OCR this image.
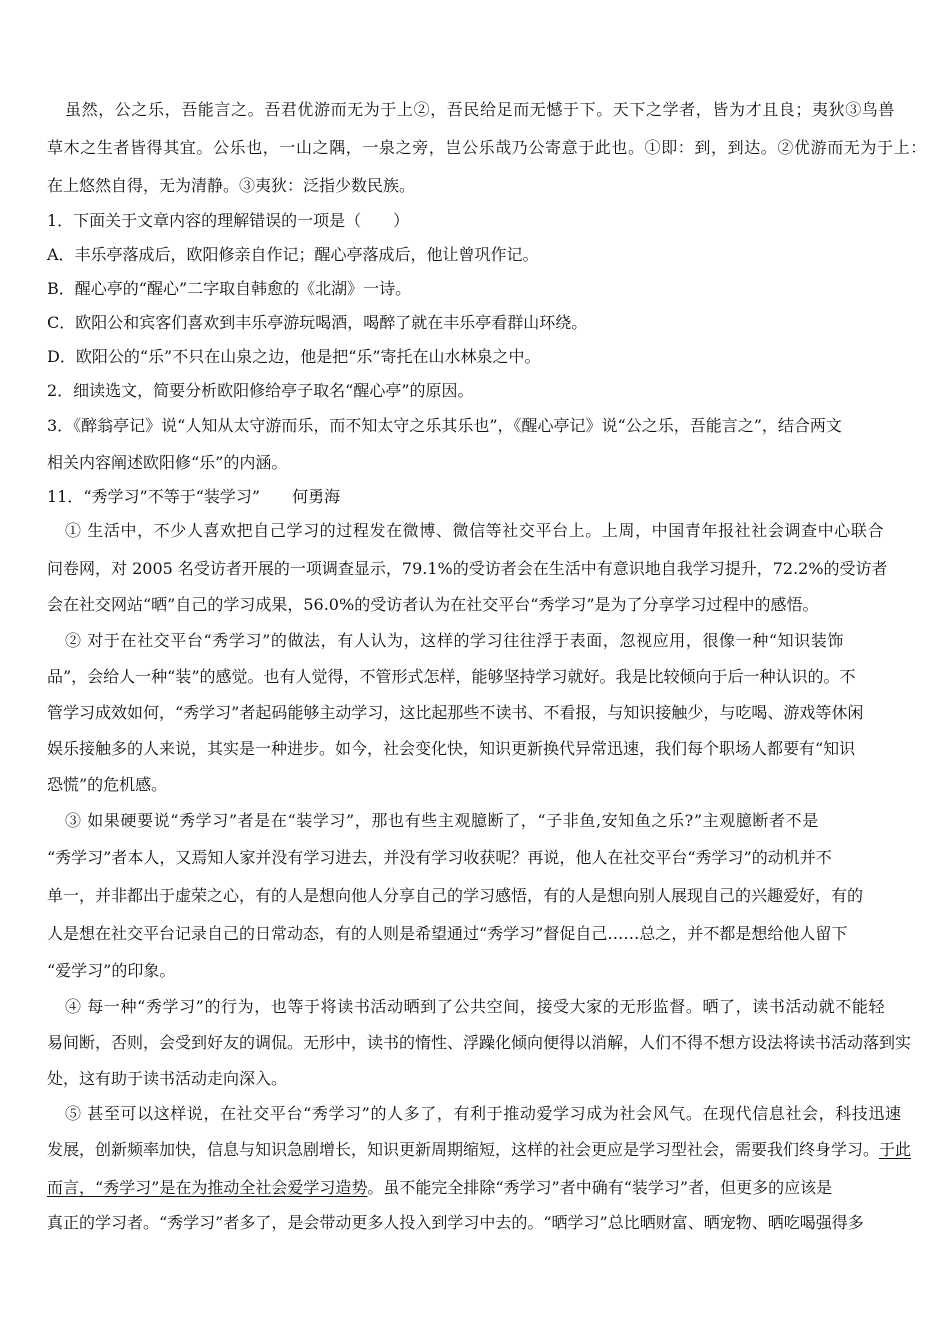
虽然，公之乐，吾能言之。吾君优游而无为于上②，吾民给足而无憾于下。天下之学者，皆为才且良；夷狄③鸟兽
草木之生者皆得其宜。公乐也，一山之隅，一泉之旁，岂公乐哉乃公寄意于此也。①即：到，到达。②优游而无为于上：
在上悠然自得，无为清静。③夷狄：泛指少数民族。
1．下面关于文章内容的理解错误的一项是（　　）
A．丰乐亭落成后，欧阳修亲自作记；醒心亭落成后，他让曾巩作记。
B．醒心亭的“醒心”二字取自韩愈的《北湖》一诗。
C．欧阳公和宾客们喜欢到丰乐亭游玩喝酒，喝醉了就在丰乐亭看群山环绕。
D．欧阳公的“乐”不只在山泉之边，他是把“乐”寄托在山水林泉之中。
2．细读选文，简要分析欧阳修给亭子取名“醒心亭”的原因。
3．《醉翁亭记》说“人知从太守游而乐，而不知太守之乐其乐也”，《醒心亭记》说“公之乐，吾能言之”，结合两文
相关内容阐述欧阳修“乐”的内涵。
11．“秀学习”不等于“装学习”　　何勇海
① 生活中，不少人喜欢把自己学习的过程发在微博、微信等社交平台上。上周，中国青年报社社会调查中心联合
问卷网，对 2005 名受访者开展的一项调查显示，79.1%的受访者会在生活中有意识地自我学习提升，72.2%的受访者
会在社交网站“晒”自己的学习成果，56.0%的受访者认为在社交平台“秀学习”是为了分享学习过程中的感悟。
② 对于在社交平台“秀学习”的做法，有人认为，这样的学习往往浮于表面，忽视应用，很像一种“知识装饰
品”，会给人一种“装”的感觉。也有人觉得，不管形式怎样，能够坚持学习就好。我是比较倾向于后一种认识的。不
管学习成效如何，“秀学习”者起码能够主动学习，这比起那些不读书、不看报，与知识接触少，与吃喝、游戏等休闲
娱乐接触多的人来说，其实是一种进步。如今，社会变化快，知识更新换代异常迅速，我们每个职场人都要有“知识
恐慌”的危机感。
③ 如果硬要说“秀学习”者是在“装学习”，那也有些主观臆断了，“子非鱼,安知鱼之乐?”主观臆断者不是
“秀学习”者本人，又焉知人家并没有学习进去，并没有学习收获呢？再说，他人在社交平台“秀学习”的动机并不
单一，并非都出于虚荣之心，有的人是想向他人分享自己的学习感悟，有的人是想向别人展现自己的兴趣爱好，有的
人是想在社交平台记录自己的日常动态，有的人则是希望通过“秀学习”督促自己……总之，并不都是想给他人留下
“爱学习”的印象。
④ 每一种“秀学习”的行为，也等于将读书活动晒到了公共空间，接受大家的无形监督。晒了，读书活动就不能轻
易间断，否则，会受到好友的调侃。无形中，读书的惰性、浮躁化倾向便得以消解，人们不得不想方设法将读书活动落到实
处，这有助于读书活动走向深入。
⑤ 甚至可以这样说，在社交平台“秀学习”的人多了，有利于推动爱学习成为社会风气。在现代信息社会，科技迅速
发展，创新频率加快，信息与知识急剧增长，知识更新周期缩短，这样的社会更应是学习型社会，需要我们终身学习。于此
而言，“秀学习”是在为推动全社会爱学习造势。虽不能完全排除“秀学习”者中确有“装学习”者，但更多的应该是
真正的学习者。“秀学习”者多了，是会带动更多人投入到学习中去的。“晒学习”总比晒财富、晒宠物、晒吃喝强得多
